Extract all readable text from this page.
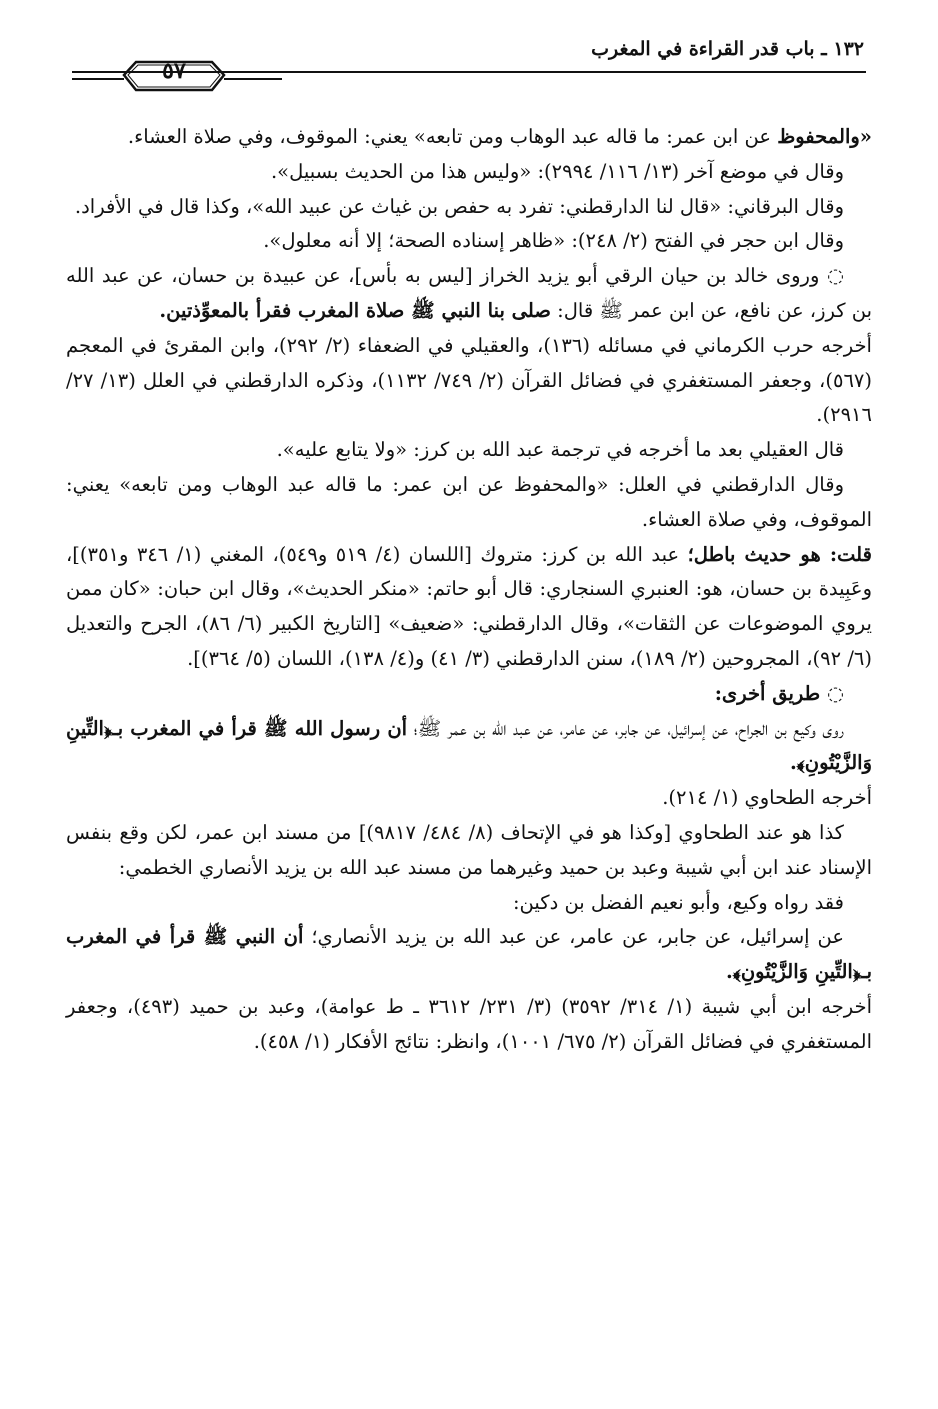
١٣٢ ـ باب قدر القراءة في المغرب
٥٧

«والمحفوظ عن ابن عمر: ما قاله عبد الوهاب ومن تابعه» يعني: الموقوف، وفي صلاة العشاء.

وقال في موضع آخر (١٣/ ١١٦/ ٢٩٩٤): «وليس هذا من الحديث بسبيل».

وقال البرقاني: «قال لنا الدارقطني: تفرد به حفص بن غياث عن عبيد الله»، وكذا قال في الأفراد.

وقال ابن حجر في الفتح (٢/ ٢٤٨): «ظاهر إسناده الصحة؛ إلا أنه معلول».

◌ وروى خالد بن حيان الرقي أبو يزيد الخراز [ليس به بأس]، عن عبيدة بن حسان، عن عبد الله بن كرز، عن نافع، عن ابن عمر ﷺ قال: صلى بنا النبي ﷺ صلاة المغرب فقرأ بالمعوِّذتين.

أخرجه حرب الكرماني في مسائله (١٣٦)، والعقيلي في الضعفاء (٢/ ٢٩٢)، وابن المقرئ في المعجم (٥٦٧)، وجعفر المستغفري في فضائل القرآن (٢/ ٧٤٩/ ١١٣٢)، وذكره الدارقطني في العلل (١٣/ ٢٧/ ٢٩١٦).

قال العقيلي بعد ما أخرجه في ترجمة عبد الله بن كرز: «ولا يتابع عليه».

وقال الدارقطني في العلل: «والمحفوظ عن ابن عمر: ما قاله عبد الوهاب ومن تابعه» يعني: الموقوف، وفي صلاة العشاء.

قلت: هو حديث باطل؛ عبد الله بن كرز: متروك [اللسان (٤/ ٥١٩ و٥٤٩)، المغني (١/ ٣٤٦ و٣٥١)]، وعَبِيدة بن حسان، هو: العنبري السنجاري: قال أبو حاتم: «منكر الحديث»، وقال ابن حبان: «كان ممن يروي الموضوعات عن الثقات»، وقال الدارقطني: «ضعيف» [التاريخ الكبير (٦/ ٨٦)، الجرح والتعديل (٦/ ٩٢)، المجروحين (٢/ ١٨٩)، سنن الدارقطني (٣/ ٤١) و(٤/ ١٣٨)، اللسان (٥/ ٣٦٤)].

◌ طريق أخرى:

روى وكيع بن الجراح، عن إسرائيل، عن جابر، عن عامر، عن عبد الله بن عمر ﷺ؛ أن رسول الله ﷺ قرأ في المغرب بـ﴿التِّينِ وَالزَّيْتُونِ﴾.

أخرجه الطحاوي (١/ ٢١٤).

كذا هو عند الطحاوي [وكذا هو في الإتحاف (٨/ ٤٨٤/ ٩٨١٧)] من مسند ابن عمر، لكن وقع بنفس الإسناد عند ابن أبي شيبة وعبد بن حميد وغيرهما من مسند عبد الله بن يزيد الأنصاري الخطمي:

فقد رواه وكيع، وأبو نعيم الفضل بن دكين:

عن إسرائيل، عن جابر، عن عامر، عن عبد الله بن يزيد الأنصاري؛ أن النبي ﷺ قرأ في المغرب بـ﴿التِّينِ وَالزَّيْتُونِ﴾.

أخرجه ابن أبي شيبة (١/ ٣١٤/ ٣٥٩٢) (٣/ ٢٣١/ ٣٦١٢ ـ ط عوامة)، وعبد بن حميد (٤٩٣)، وجعفر المستغفري في فضائل القرآن (٢/ ٦٧٥/ ١٠٠١)، وانظر: نتائج الأفكار (١/ ٤٥٨).
